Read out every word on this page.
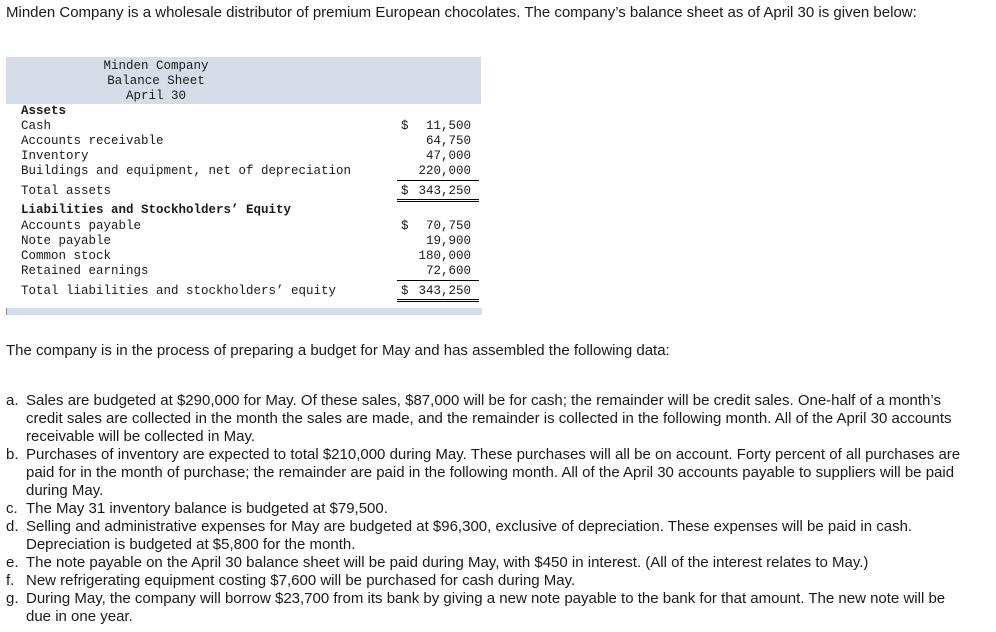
Minden Company is a wholesale distributor of premium European chocolates. The company’s balance sheet as of April 30 is given below:
Minden Company
Balance Sheet
April 30
Assets
Cash	$ 11,500
Accounts receivable	64,750
Inventory	47,000
Buildings and equipment, net of depreciation	220,000
Total assets	$ 343,250
Liabilities and Stockholders’ Equity
Accounts payable	$ 70,750
Note payable	19,900
Common stock	180,000
Retained earnings	72,600
Total liabilities and stockholders’ equity	$ 343,250
The company is in the process of preparing a budget for May and has assembled the following data:
a. Sales are budgeted at $290,000 for May. Of these sales, $87,000 will be for cash; the remainder will be credit sales. One-half of a month’s credit sales are collected in the month the sales are made, and the remainder is collected in the following month. All of the April 30 accounts receivable will be collected in May.
b. Purchases of inventory are expected to total $210,000 during May. These purchases will all be on account. Forty percent of all purchases are paid for in the month of purchase; the remainder are paid in the following month. All of the April 30 accounts payable to suppliers will be paid during May.
c. The May 31 inventory balance is budgeted at $79,500.
d. Selling and administrative expenses for May are budgeted at $96,300, exclusive of depreciation. These expenses will be paid in cash. Depreciation is budgeted at $5,800 for the month.
e. The note payable on the April 30 balance sheet will be paid during May, with $450 in interest. (All of the interest relates to May.)
f. New refrigerating equipment costing $7,600 will be purchased for cash during May.
g. During May, the company will borrow $23,700 from its bank by giving a new note payable to the bank for that amount. The new note will be due in one year.
